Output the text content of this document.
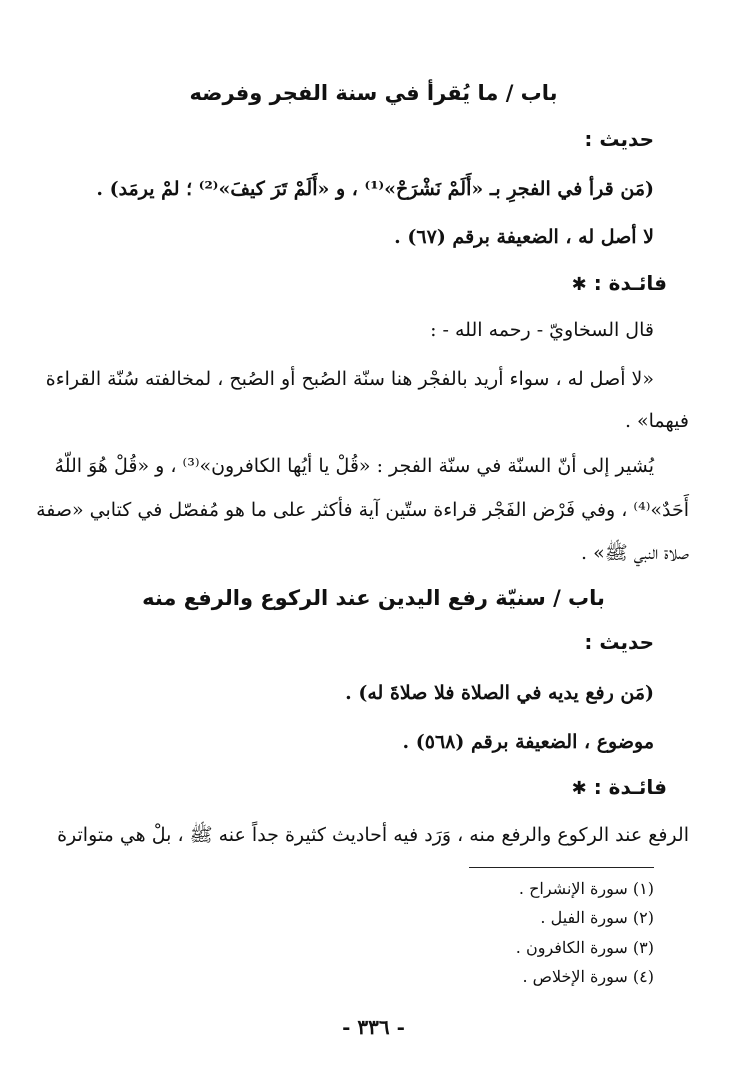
باب / ما يُقرأ في سنة الفجر وفرضه
حديث :
(مَن قرأ في الفجرِ بـ «أَلَمْ نَشْرَحْ»⁽¹⁾ ، و «أَلَمْ تَرَ كيفَ»⁽²⁾ ؛ لمْ يرمَد) .
لا أصل له ، الضعيفة برقم (٦٧) .
فائـدة : ✱
قال السخاويّ - رحمه الله - :
«لا أصل له ، سواء أريد بالفجْر هنا سنّة الصُبح أو الصُبح ، لمخالفته سُنّة القراءة
فيهما» .
يُشير إلى أنّ السنّة في سنّة الفجر : «قُلْ يا أيُها الكافرون»⁽³⁾ ، و «قُلْ هُوَ اللّهُ
أَحَدٌ»⁽⁴⁾ ، وفي فَرْض الفَجْر قراءة ستّين آية فأكثر على ما هو مُفصّل في كتابي «صفة
صلاة النبي ﷺ» .
باب / سنيّة رفع اليدين عند الركوع والرفع منه
حديث :
(مَن رفع يديه في الصلاة فلا صلاةَ له) .
موضوع ، الضعيفة برقم (٥٦٨) .
فائـدة : ✱
الرفع عند الركوع والرفع منه ، وَرَد فيه أحاديث كثيرة جداً عنه ﷺ ، بلْ هي متواترة
(١) سورة الإنشراح .
(٢) سورة الفيل .
(٣) سورة الكافرون .
(٤) سورة الإخلاص .
- ٣٣٦ -
